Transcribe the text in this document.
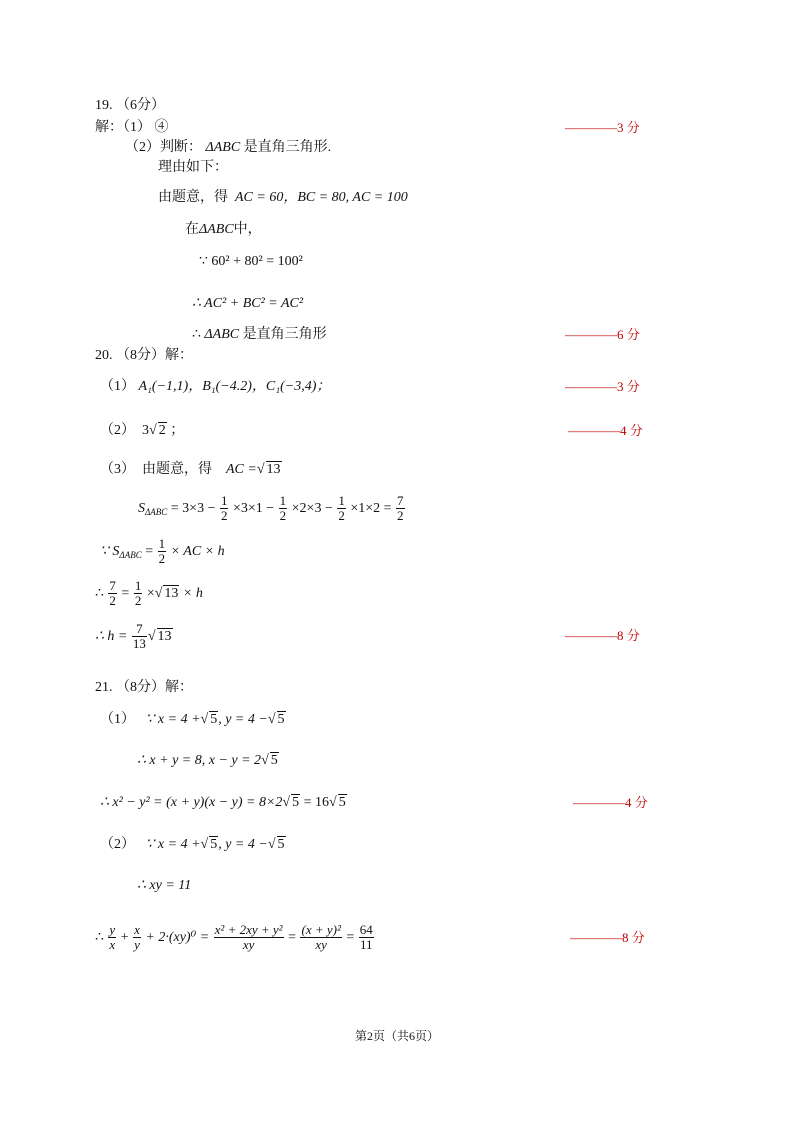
19. （6分）
解：（1） ④	————3 分
（2）判断： ΔABC 是直角三角形.
理由如下：
由题意，得 AC = 60，BC = 80, AC = 100
在ΔABC中，
∵ 60² + 80² = 100²
∴ AC² + BC² = AC²
∴ ΔABC 是直角三角形	————6 分
20. （8分）解：
（1） A₁(−1,1)，B₁(−4.2)，C₁(−3,4)；	————3 分
（2） 3√ 2 ；	————4 分
（3） 由题意，得 AC =√ 13
$S_{\Delta ABC} = 3\times 3 - \frac{1}{2} \times 3\times 1 - \frac{1}{2} \times 2\times 3 - \frac{1}{2} \times 1\times 2 = \frac{7}{2}$
∵ $S_{\Delta ABC} = \frac{1}{2}$ × AC × h
∴ $\frac{7}{2} = \frac{1}{2}$ ×√ 13 × h
∴ $h = \frac{7}{13}$ √ 13	————8 分
21. （8分）解：
（1） ∵ x = 4 +√ 5, y = 4 −√ 5
∴ x + y = 8, x − y = 2√ 5
∴ x² − y² = (x + y)(x − y) = 8×2√ 5 = 16√ 5	————4 分
（2） ∵ x = 4 +√ 5, y = 4 −√ 5
∴ xy = 11
∴ $\frac{y}{x} + \frac{x}{y} + 2\cdot(xy)^0 = \frac{\text{x² + 2xy + y²}}{xy} = \frac{\text{(x + y)²}}{xy} = \frac{64}{11}$	————8 分
第2页（共6页）
